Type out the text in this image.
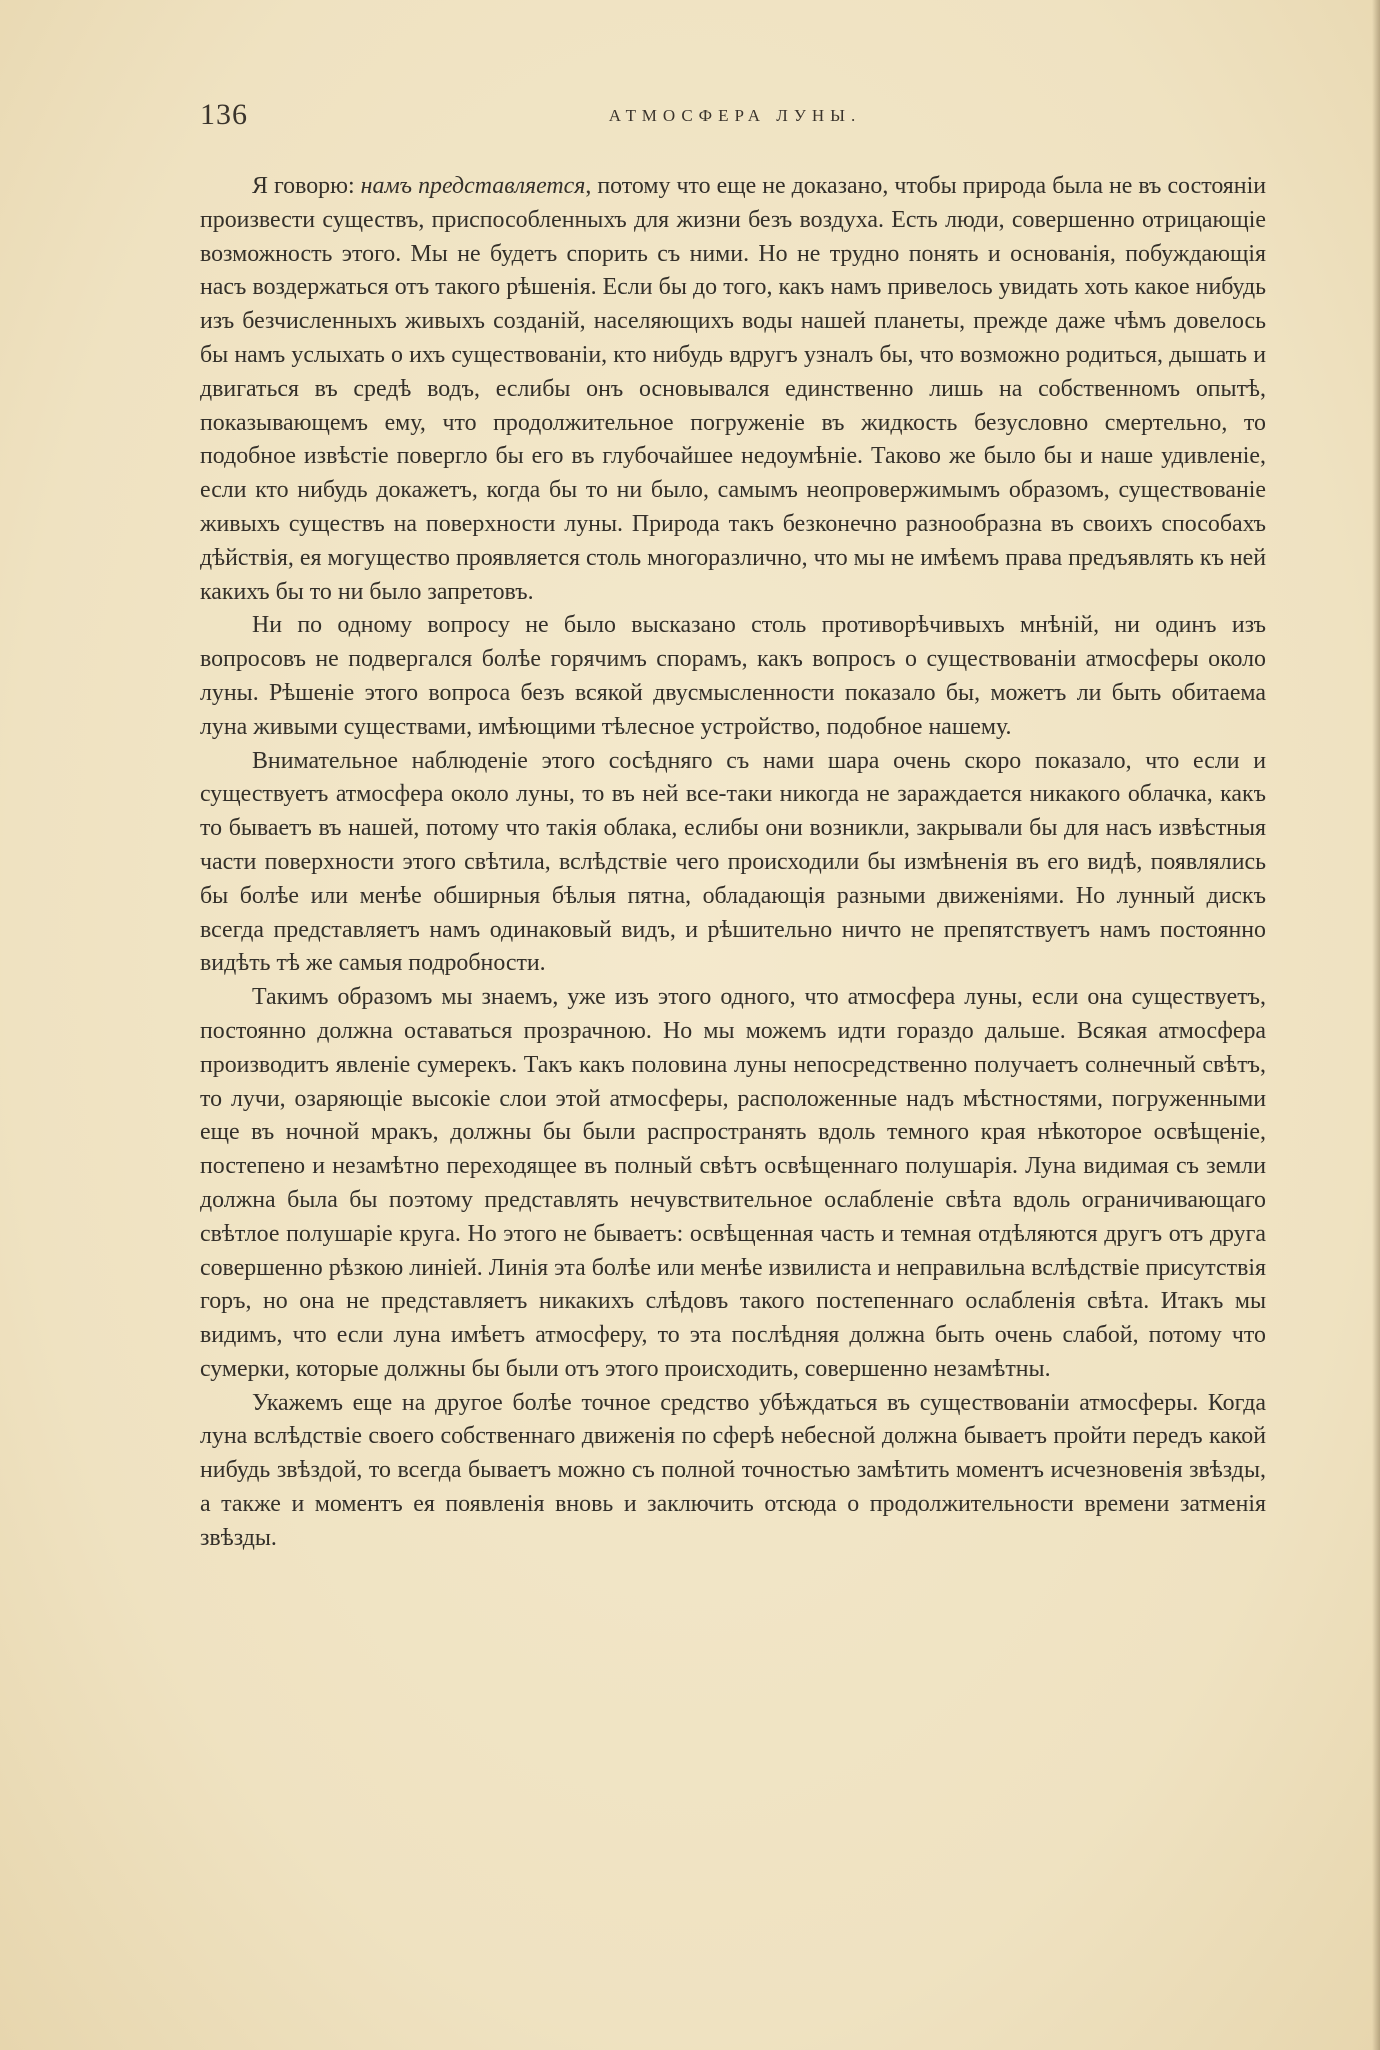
136	АТМОСФЕРА ЛУНЫ.

Я говорю: намъ представляется, потому что еще не доказано, чтобы природа была не въ состояніи произвести существъ, приспособленныхъ для жизни безъ воздуха. Есть люди, совершенно отрицающіе возможность этого. Мы не будетъ спорить съ ними. Но не трудно понять и основанія, побуждающія насъ воздержаться отъ такого рѣшенія. Если бы до того, какъ намъ привелось увидать хоть какое нибудь изъ безчисленныхъ живыхъ созданій, населяющихъ воды нашей планеты, прежде даже чѣмъ довелось бы намъ услыхать о ихъ существованіи, кто нибудь вдругъ узналъ бы, что возможно родиться, дышать и двигаться въ средѣ водъ, еслибы онъ основывался единственно лишь на собственномъ опытѣ, показывающемъ ему, что продолжительное погруженіе въ жидкость безусловно смертельно, то подобное извѣстіе повергло бы его въ глубочайшее недоумѣніе. Таково же было бы и наше удивленіе, если кто нибудь докажетъ, когда бы то ни было, самымъ неопровержимымъ образомъ, существованіе живыхъ существъ на поверхности луны. Природа такъ безконечно разнообразна въ своихъ способахъ дѣйствія, ея могущество проявляется столь многоразлично, что мы не имѣемъ права предъявлять къ ней какихъ бы то ни было запретовъ.

Ни по одному вопросу не было высказано столь противорѣчивыхъ мнѣній, ни одинъ изъ вопросовъ не подвергался болѣе горячимъ спорамъ, какъ вопросъ о существованіи атмосферы около луны. Рѣшеніе этого вопроса безъ всякой двусмысленности показало бы, можетъ ли быть обитаема луна живыми существами, имѣющими тѣлесное устройство, подобное нашему.

Внимательное наблюденіе этого сосѣдняго съ нами шара очень скоро показало, что если и существуетъ атмосфера около луны, то въ ней все-таки никогда не зараждается никакого облачка, какъ то бываетъ въ нашей, потому что такія облака, еслибы они возникли, закрывали бы для насъ извѣстныя части поверхности этого свѣтила, вслѣдствіе чего происходили бы измѣненія въ его видѣ, появлялись бы болѣе или менѣе обширныя бѣлыя пятна, обладающія разными движеніями. Но лунный дискъ всегда представляетъ намъ одинаковый видъ, и рѣшительно ничто не препятствуетъ намъ постоянно видѣть тѣ же самыя подробности.

Такимъ образомъ мы знаемъ, уже изъ этого одного, что атмосфера луны, если она существуетъ, постоянно должна оставаться прозрачною. Но мы можемъ идти гораздо дальше. Всякая атмосфера производитъ явленіе сумерекъ. Такъ какъ половина луны непосредственно получаетъ солнечный свѣтъ, то лучи, озаряющіе высокіе слои этой атмосферы, расположенные надъ мѣстностями, погруженными еще въ ночной мракъ, должны бы были распространять вдоль темного края нѣкоторое освѣщеніе, постепено и незамѣтно переходящее въ полный свѣтъ освѣщеннаго полушарія. Луна видимая съ земли должна была бы поэтому представлять нечувствительное ослабленіе свѣта вдоль ограничивающаго свѣтлое полушаріе круга. Но этого не бываетъ: освѣщенная часть и темная отдѣляются другъ отъ друга совершенно рѣзкою линіей. Линія эта болѣе или менѣе извилиста и неправильна вслѣдствіе присутствія горъ, но она не представляетъ никакихъ слѣдовъ такого постепеннаго ослабленія свѣта. Итакъ мы видимъ, что если луна имѣетъ атмосферу, то эта послѣдняя должна быть очень слабой, потому что сумерки, которые должны бы были отъ этого происходить, совершенно незамѣтны.

Укажемъ еще на другое болѣе точное средство убѣждаться въ существованіи атмосферы. Когда луна вслѣдствіе своего собственнаго движенія по сферѣ небесной должна бываетъ пройти передъ какой нибудь звѣздой, то всегда бываетъ можно съ полной точностью замѣтить моментъ исчезновенія звѣзды, а также и моментъ ея появленія вновь и заключить отсюда о продолжительности времени затменія звѣзды.
